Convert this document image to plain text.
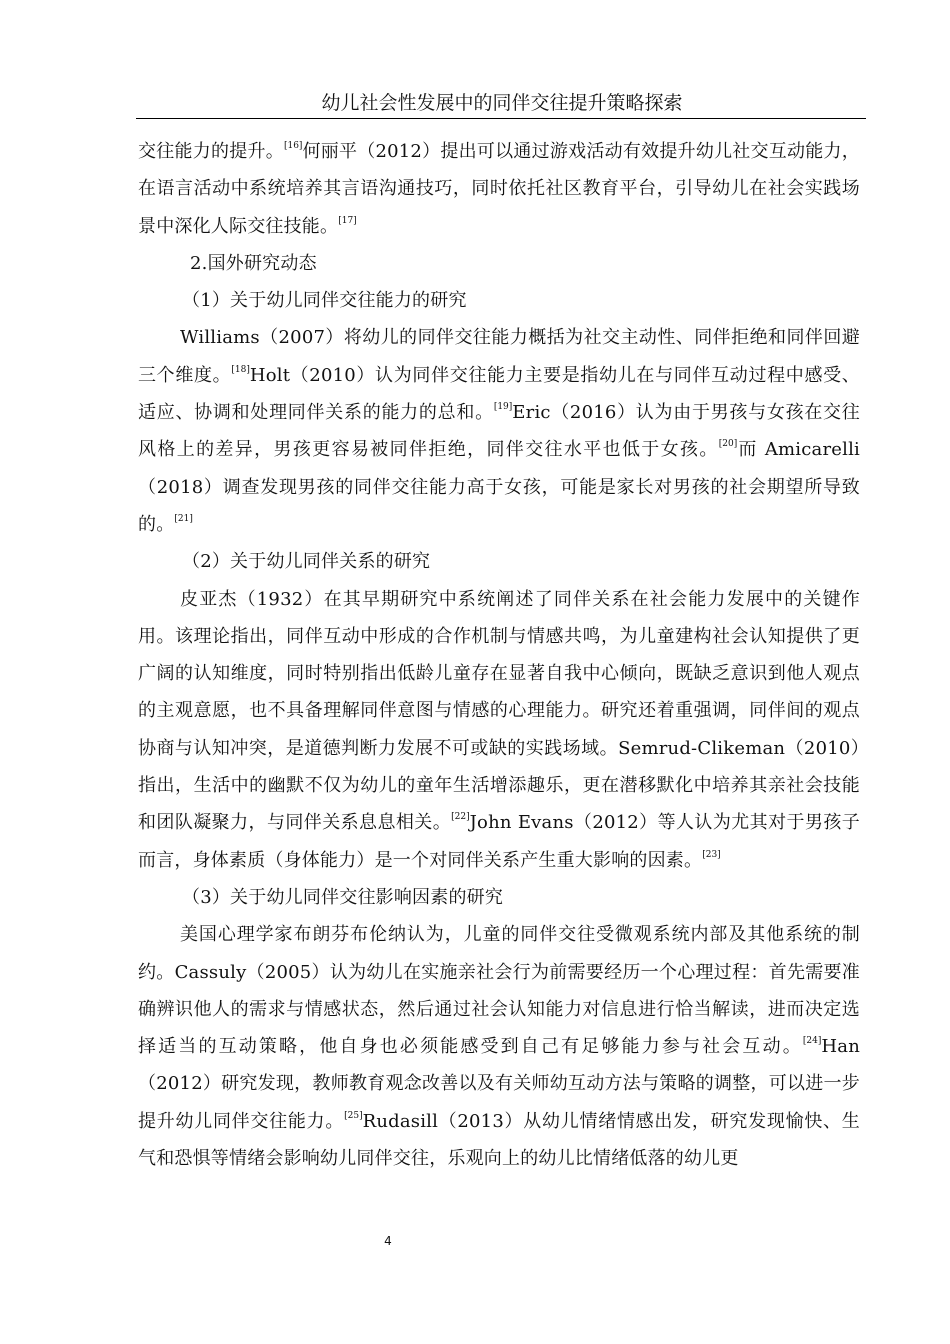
幼儿社会性发展中的同伴交往提升策略探索

交往能力的提升。[16]何丽平（2012）提出可以通过游戏活动有效提升幼儿社交互动能力，在语言活动中系统培养其言语沟通技巧，同时依托社区教育平台，引导幼儿在社会实践场景中深化人际交往技能。[17]

2.国外研究动态

（1）关于幼儿同伴交往能力的研究

Williams（2007）将幼儿的同伴交往能力概括为社交主动性、同伴拒绝和同伴回避三个维度。[18]Holt（2010）认为同伴交往能力主要是指幼儿在与同伴互动过程中感受、适应、协调和处理同伴关系的能力的总和。[19]Eric（2016）认为由于男孩与女孩在交往风格上的差异，男孩更容易被同伴拒绝，同伴交往水平也低于女孩。[20]而 Amicarelli（2018）调查发现男孩的同伴交往能力高于女孩，可能是家长对男孩的社会期望所导致的。[21]

（2）关于幼儿同伴关系的研究

皮亚杰（1932）在其早期研究中系统阐述了同伴关系在社会能力发展中的关键作用。该理论指出，同伴互动中形成的合作机制与情感共鸣，为儿童建构社会认知提供了更广阔的认知维度，同时特别指出低龄儿童存在显著自我中心倾向，既缺乏意识到他人观点的主观意愿，也不具备理解同伴意图与情感的心理能力。研究还着重强调，同伴间的观点协商与认知冲突，是道德判断力发展不可或缺的实践场域。Semrud-Clikeman（2010）指出，生活中的幽默不仅为幼儿的童年生活增添趣乐，更在潜移默化中培养其亲社会技能和团队凝聚力，与同伴关系息息相关。[22]John Evans（2012）等人认为尤其对于男孩子而言，身体素质（身体能力）是一个对同伴关系产生重大影响的因素。[23]

（3）关于幼儿同伴交往影响因素的研究

美国心理学家布朗芬布伦纳认为，儿童的同伴交往受微观系统内部及其他系统的制约。Cassuly（2005）认为幼儿在实施亲社会行为前需要经历一个心理过程：首先需要准确辨识他人的需求与情感状态，然后通过社会认知能力对信息进行恰当解读，进而决定选择适当的互动策略，他自身也必须能感受到自己有足够能力参与社会互动。[24]Han（2012）研究发现，教师教育观念改善以及有关师幼互动方法与策略的调整，可以进一步提升幼儿同伴交往能力。[25]Rudasill（2013）从幼儿情绪情感出发，研究发现愉快、生气和恐惧等情绪会影响幼儿同伴交往，乐观向上的幼儿比情绪低落的幼儿更

4
